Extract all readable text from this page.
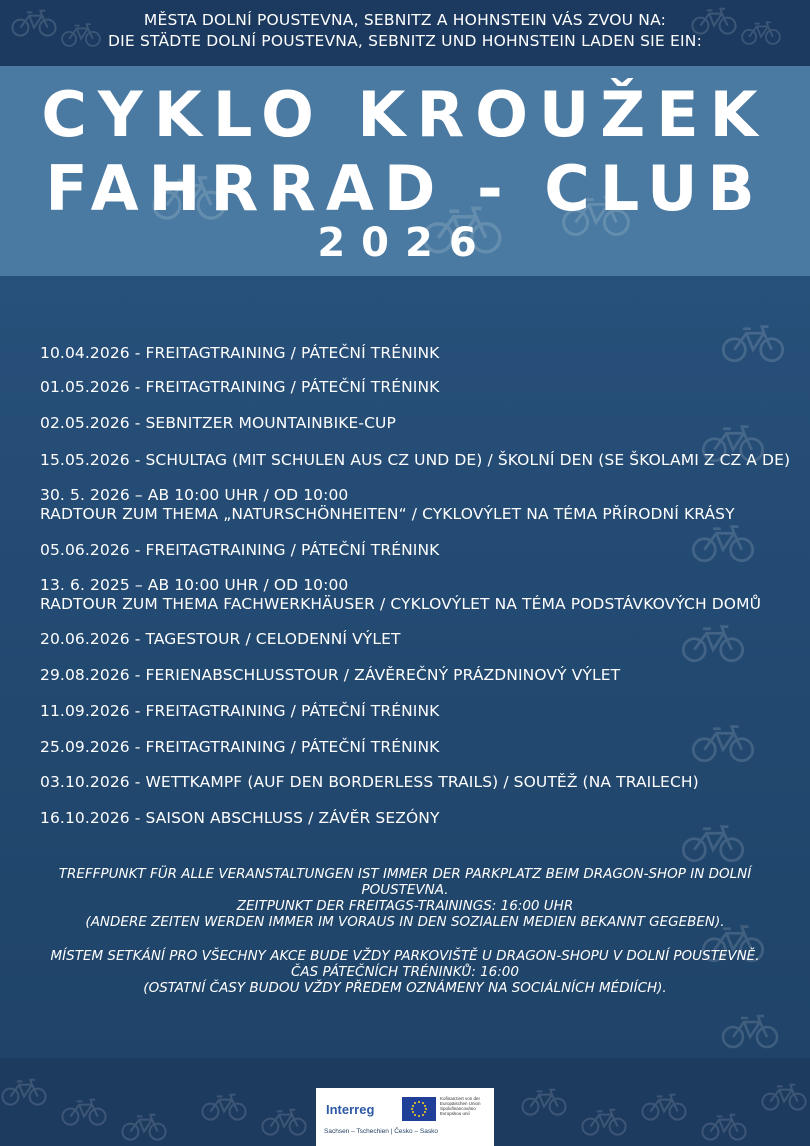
MĚSTA DOLNÍ POUSTEVNA, SEBNITZ A HOHNSTEIN VÁS ZVOU NA:
DIE STÄDTE DOLNÍ POUSTEVNA, SEBNITZ UND HOHNSTEIN LADEN SIE EIN:
CYKLO KROUŽEK
FAHRRAD - CLUB
2026
10.04.2026 - FREITAGTRAINING / PÁTEČNÍ TRÉNINK
01.05.2026 - FREITAGTRAINING / PÁTEČNÍ TRÉNINK
02.05.2026 - SEBNITZER MOUNTAINBIKE-CUP
15.05.2026 - SCHULTAG (MIT SCHULEN AUS CZ UND DE) / ŠKOLNÍ DEN (SE ŠKOLAMI Z CZ A DE)
30. 5. 2026 – AB 10:00 UHR / OD 10:00
RADTOUR ZUM THEMA „NATURSCHÖNHEITEN“ / CYKLOVÝLET NA TÉMA PŘÍRODNÍ KRÁSY
05.06.2026 - FREITAGTRAINING / PÁTEČNÍ TRÉNINK
13. 6. 2025 – AB 10:00 UHR / OD 10:00
RADTOUR ZUM THEMA FACHWERKHÄUSER / CYKLOVÝLET NA TÉMA PODSTÁVKOVÝCH DOMŮ
20.06.2026 - TAGESTOUR / CELODENNÍ VÝLET
29.08.2026 - FERIENABSCHLUSSTOUR / ZÁVĚREČNÝ PRÁZDNINOVÝ VÝLET
11.09.2026 - FREITAGTRAINING / PÁTEČNÍ TRÉNINK
25.09.2026 - FREITAGTRAINING / PÁTEČNÍ TRÉNINK
03.10.2026 - WETTKAMPF (AUF DEN BORDERLESS TRAILS) / SOUTĚŽ (NA TRAILECH)
16.10.2026 - SAISON ABSCHLUSS / ZÁVĚR SEZÓNY
TREFFPUNKT FÜR ALLE VERANSTALTUNGEN IST IMMER DER PARKPLATZ BEIM DRAGON-SHOP IN DOLNÍ POUSTEVNA.
ZEITPUNKT DER FREITAGS-TRAININGS: 16:00 UHR
(ANDERE ZEITEN WERDEN IMMER IM VORAUS IN DEN SOZIALEN MEDIEN BEKANNT GEGEBEN).
MÍSTEM SETKÁNÍ PRO VŠECHNY AKCE BUDE VŽDY PARKOVIŠTĚ U DRAGON-SHOPU V DOLNÍ POUSTEVNĚ.
ČAS PÁTEČNÍCH TRÉNINKŮ: 16:00
(OSTATNÍ ČASY BUDOU VŽDY PŘEDEM OZNÁMENY NA SOCIÁLNÍCH MÉDIÍCH).
Interreg
Kofinanziert von der Europäischen Union Spolufinancováno Evropskou unií
Sachsen – Tschechien | Česko – Sasko
